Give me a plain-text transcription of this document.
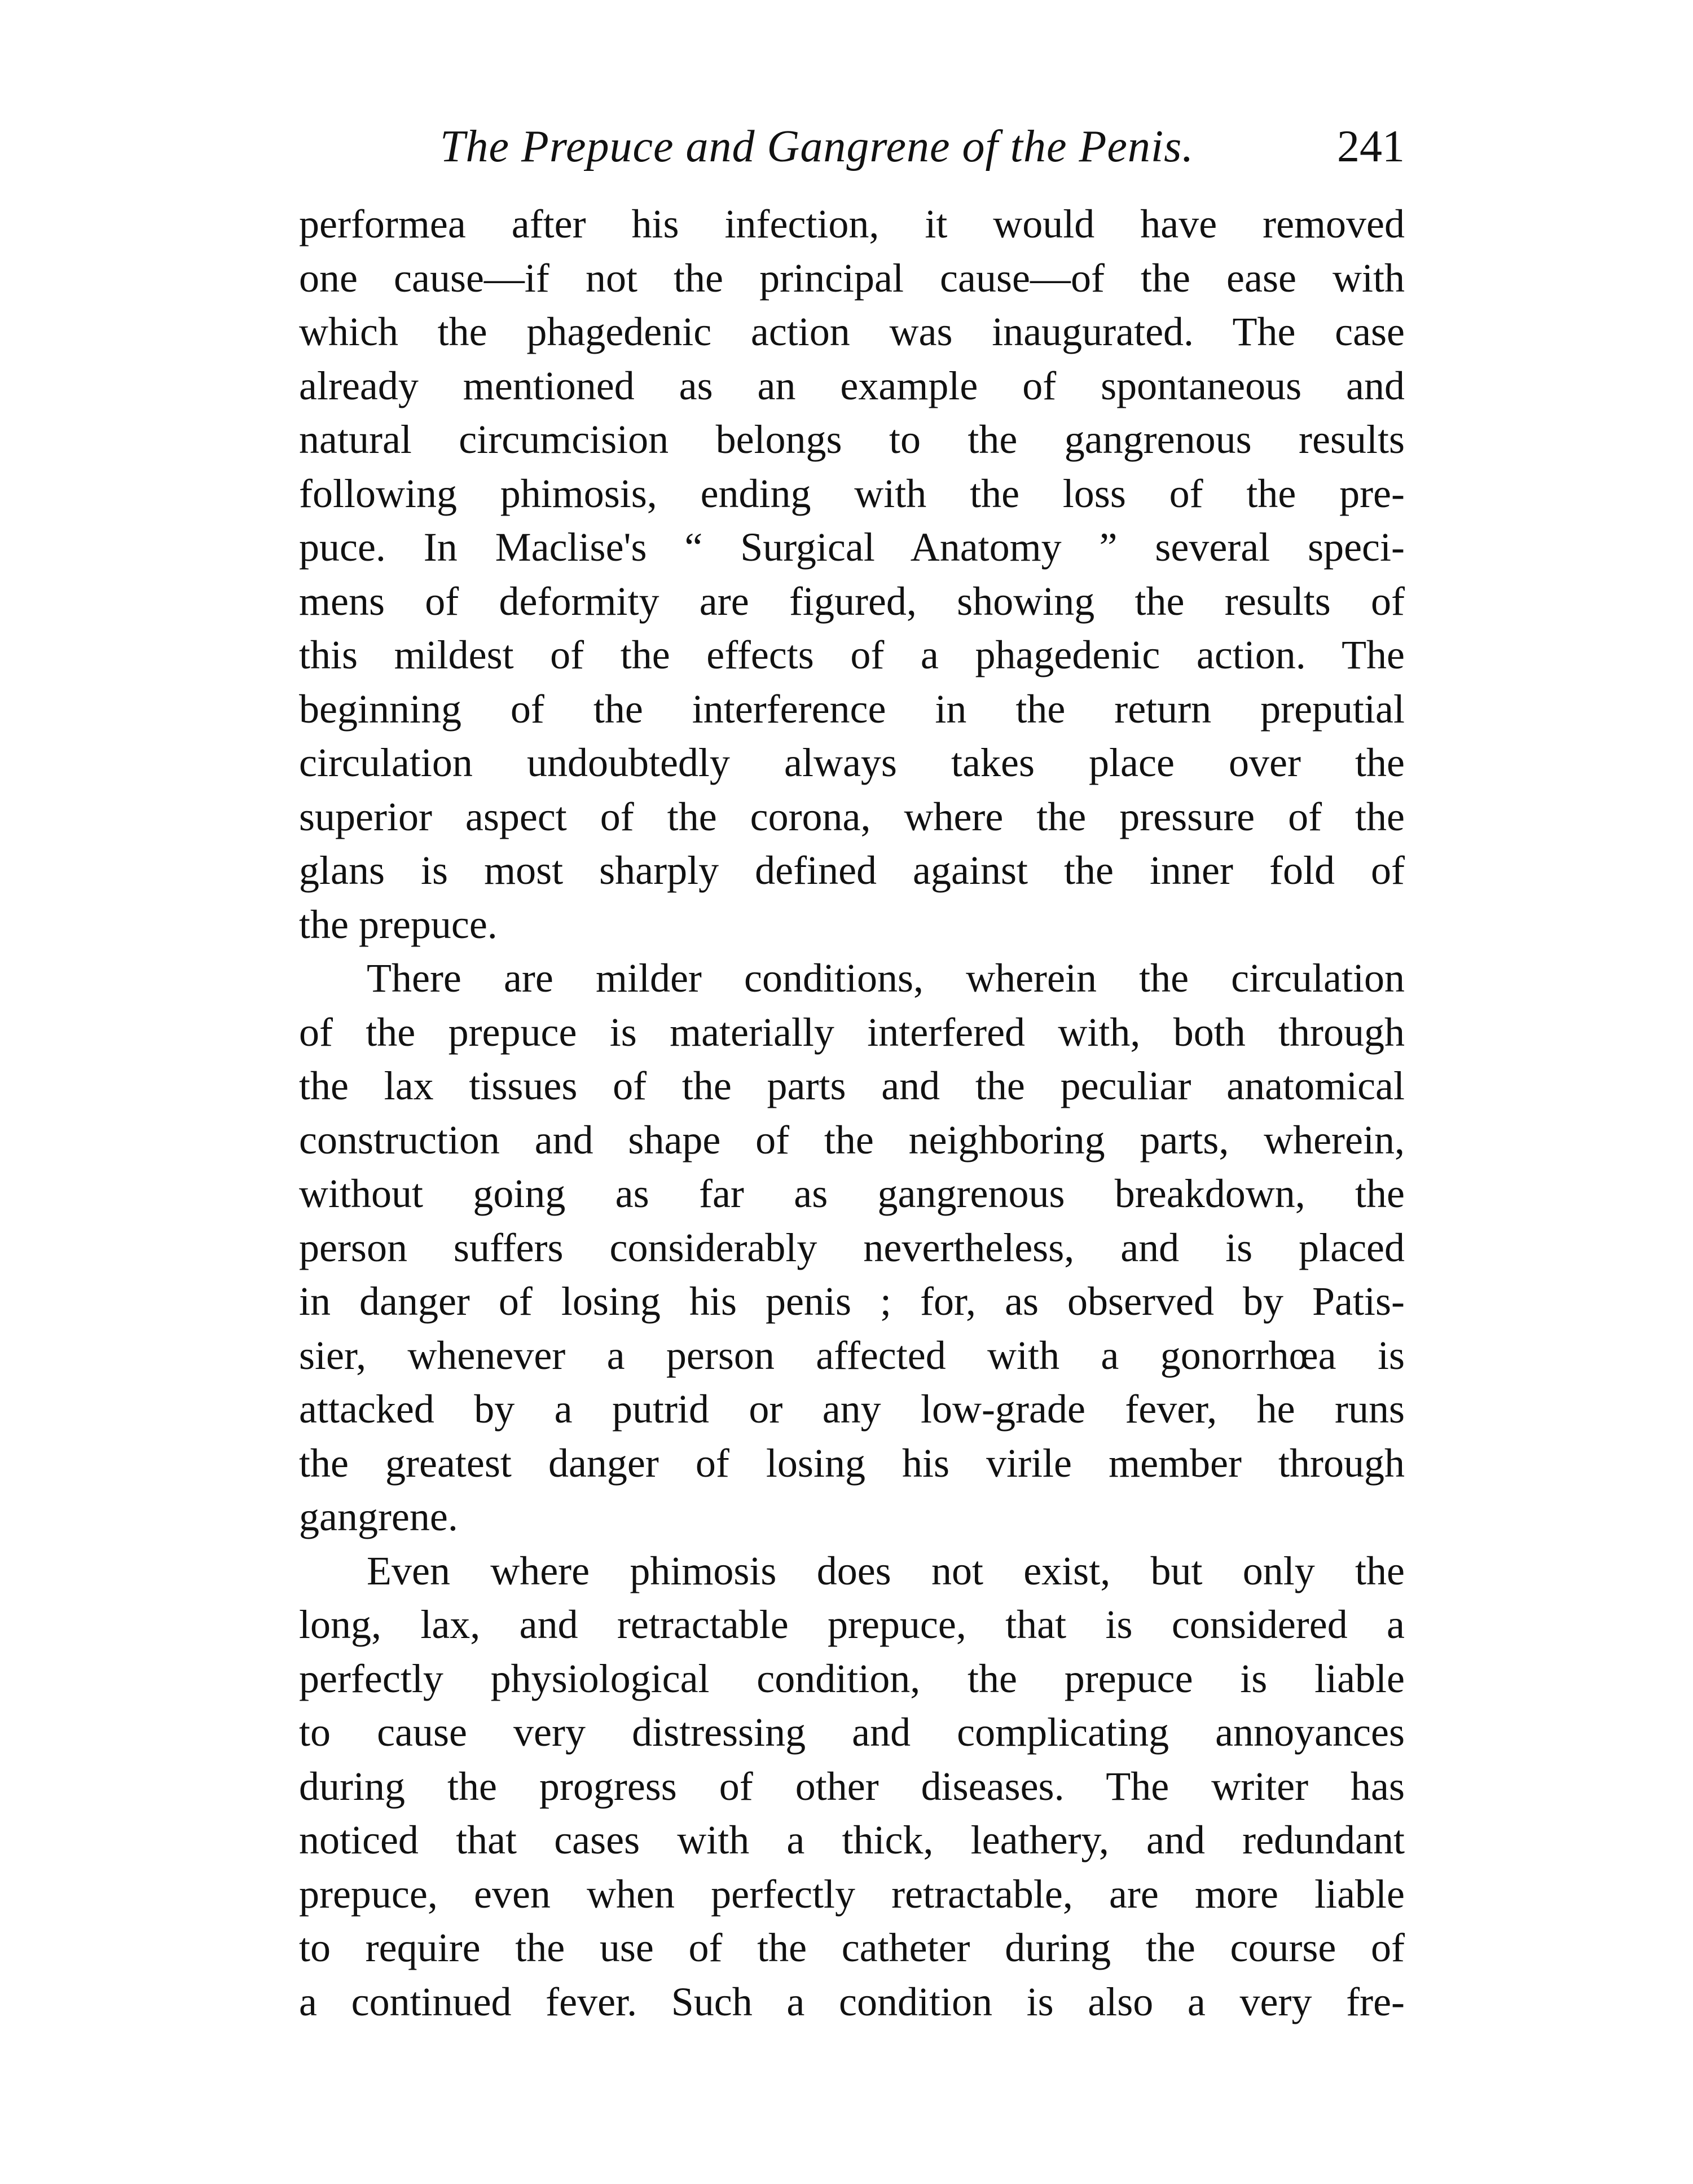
The Prepuce and Gangrene of the Penis.	241
performea after his infection, it would have removed
one cause—if not the principal cause—of the ease with
which the phagedenic action was inaugurated. The case
already mentioned as an example of spontaneous and
natural circumcision belongs to the gangrenous results
following phimosis, ending with the loss of the pre-
puce. In Maclise's “ Surgical Anatomy ” several speci-
mens of deformity are figured, showing the results of
this mildest of the effects of a phagedenic action. The
beginning of the interference in the return preputial
circulation undoubtedly always takes place over the
superior aspect of the corona, where the pressure of the
glans is most sharply defined against the inner fold of
the prepuce.
There are milder conditions, wherein the circulation
of the prepuce is materially interfered with, both through
the lax tissues of the parts and the peculiar anatomical
construction and shape of the neighboring parts, wherein,
without going as far as gangrenous breakdown, the
person suffers considerably nevertheless, and is placed
in danger of losing his penis ; for, as observed by Patis-
sier, whenever a person affected with a gonorrhœa is
attacked by a putrid or any low-grade fever, he runs
the greatest danger of losing his virile member through
gangrene.
Even where phimosis does not exist, but only the
long, lax, and retractable prepuce, that is considered a
perfectly physiological condition, the prepuce is liable
to cause very distressing and complicating annoyances
during the progress of other diseases. The writer has
noticed that cases with a thick, leathery, and redundant
prepuce, even when perfectly retractable, are more liable
to require the use of the catheter during the course of
a continued fever. Such a condition is also a very fre-
